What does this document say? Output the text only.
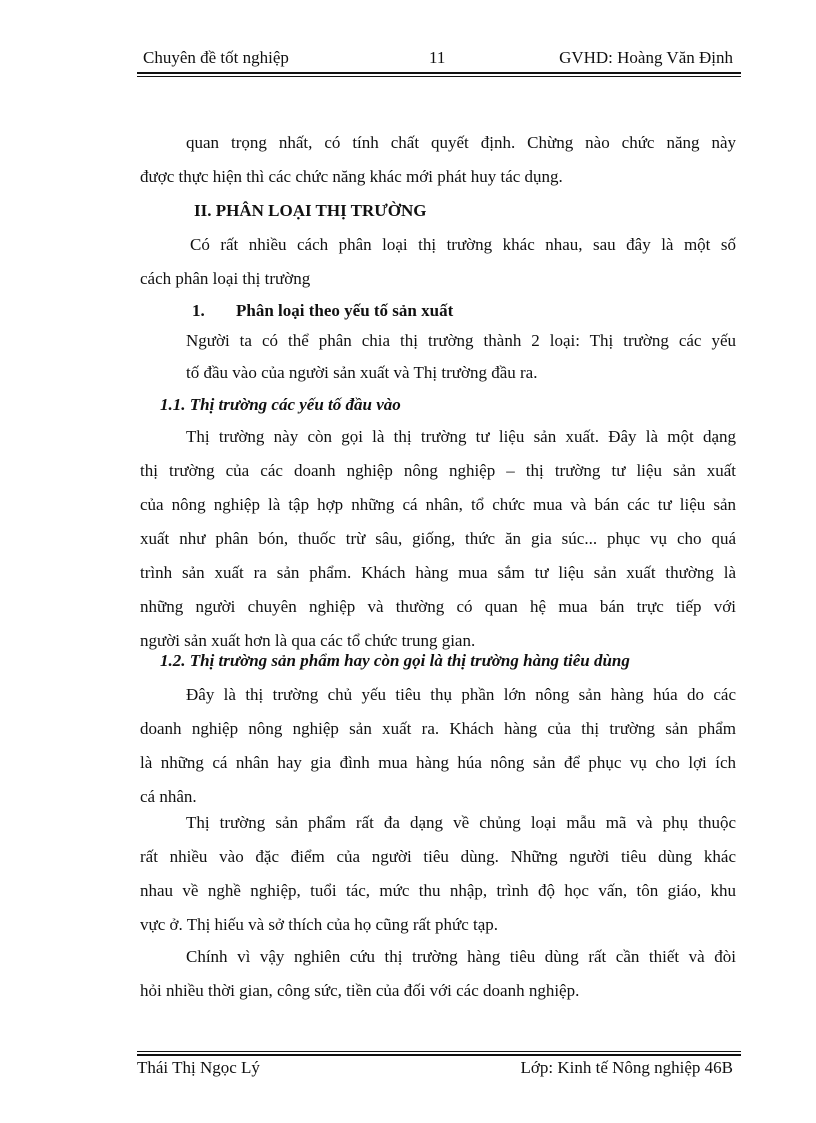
Chuyên đề tốt nghiệp	11	GVHD: Hoàng Văn Định
quan trọng nhất, có tính chất quyết định. Chừng nào chức năng này
được thực hiện thì các chức năng khác mới phát huy tác dụng.
II. PHÂN LOẠI THỊ TRƯỜNG
Có rất nhiều cách phân loại thị trường khác nhau, sau đây là một số
cách phân loại thị trường
1.	Phân loại theo yếu tố sản xuất
Người ta có thể phân chia thị trường thành 2 loại: Thị trường các yếu
tố đầu vào của người sản xuất và Thị trường đầu ra.
1.1. Thị trường các yếu tố đầu vào
Thị trường này còn gọi là thị trường tư liệu sản xuất. Đây là một dạng
thị trường của các doanh nghiệp nông nghiệp – thị trường tư liệu sản xuất
của nông nghiệp là tập hợp những cá nhân, tổ chức mua và bán các tư liệu sản
xuất như phân bón, thuốc trừ sâu, giống, thức ăn gia súc... phục vụ cho quá
trình sản xuất ra sản phẩm. Khách hàng mua sắm tư liệu sản xuất thường là
những người chuyên nghiệp và thường có quan hệ mua bán trực tiếp với
người sản xuất hơn là qua các tổ chức trung gian.
1.2. Thị trường sản phẩm hay còn gọi là thị trường hàng tiêu dùng
Đây là thị trường chủ yếu tiêu thụ phần lớn nông sản hàng húa do các
doanh nghiệp nông nghiệp sản xuất ra. Khách hàng của thị trường sản phẩm
là những cá nhân hay gia đình mua hàng húa nông sản để phục vụ cho lợi ích
cá nhân.
Thị trường sản phẩm rất đa dạng về chủng loại mẫu mã và phụ thuộc
rất nhiều vào đặc điểm của người tiêu dùng. Những người tiêu dùng khác
nhau về nghề nghiệp, tuổi tác, mức thu nhập, trình độ học vấn, tôn giáo, khu
vực ở. Thị hiếu và sở thích của họ cũng rất phức tạp.
Chính vì vậy nghiên cứu thị trường hàng tiêu dùng rất cần thiết và đòi
hỏi nhiều thời gian, công sức, tiền của đối với các doanh nghiệp.
Thái Thị Ngọc Lý	Lớp: Kinh tế Nông nghiệp 46B
